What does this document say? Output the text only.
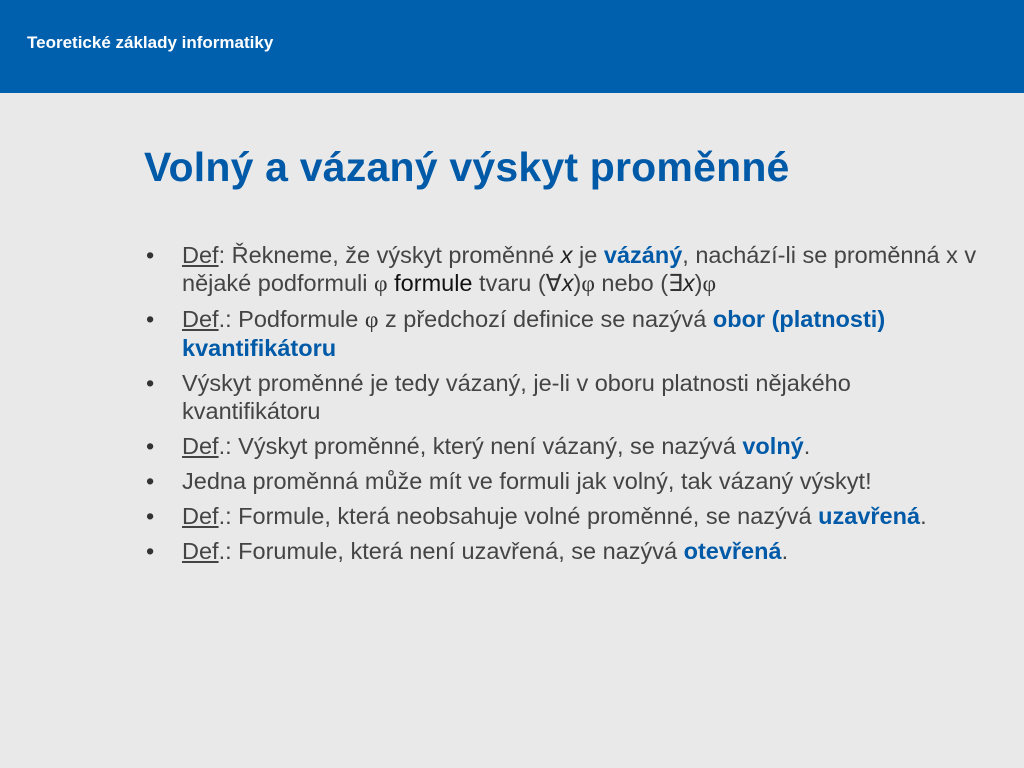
Teoretické základy informatiky
Volný a vázaný výskyt proměnné
• Def: Řekneme, že výskyt proměnné x je vázáný, nachází-li se proměnná x v nějaké podformuli φ formule tvaru (∀x)φ nebo (∃x)φ
• Def.: Podformule φ z předchozí definice se nazývá obor (platnosti) kvantifikátoru
• Výskyt proměnné je tedy vázaný, je-li v oboru platnosti nějakého kvantifikátoru
• Def.: Výskyt proměnné, který není vázaný, se nazývá volný.
• Jedna proměnná může mít ve formuli jak volný, tak vázaný výskyt!
• Def.: Formule, která neobsahuje volné proměnné, se nazývá uzavřená.
• Def.: Forumule, která není uzavřená, se nazývá otevřená.
